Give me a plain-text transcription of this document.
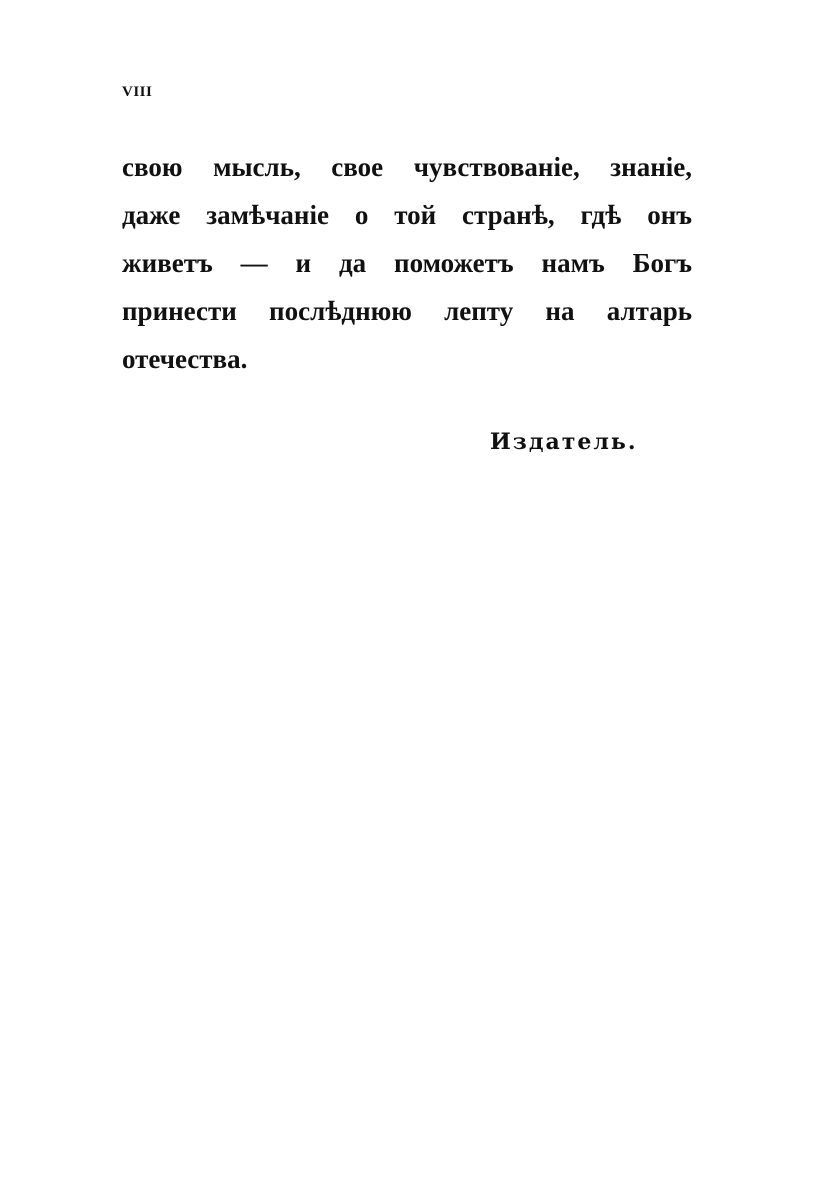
VIII
свою мысль, свое чувствованіе, знаніе,
даже замѣчаніе о той странѣ, гдѣ онъ
живетъ — и да поможетъ намъ Богъ
принести послѣднюю лепту на алтарь
отечества.
Издатель.
